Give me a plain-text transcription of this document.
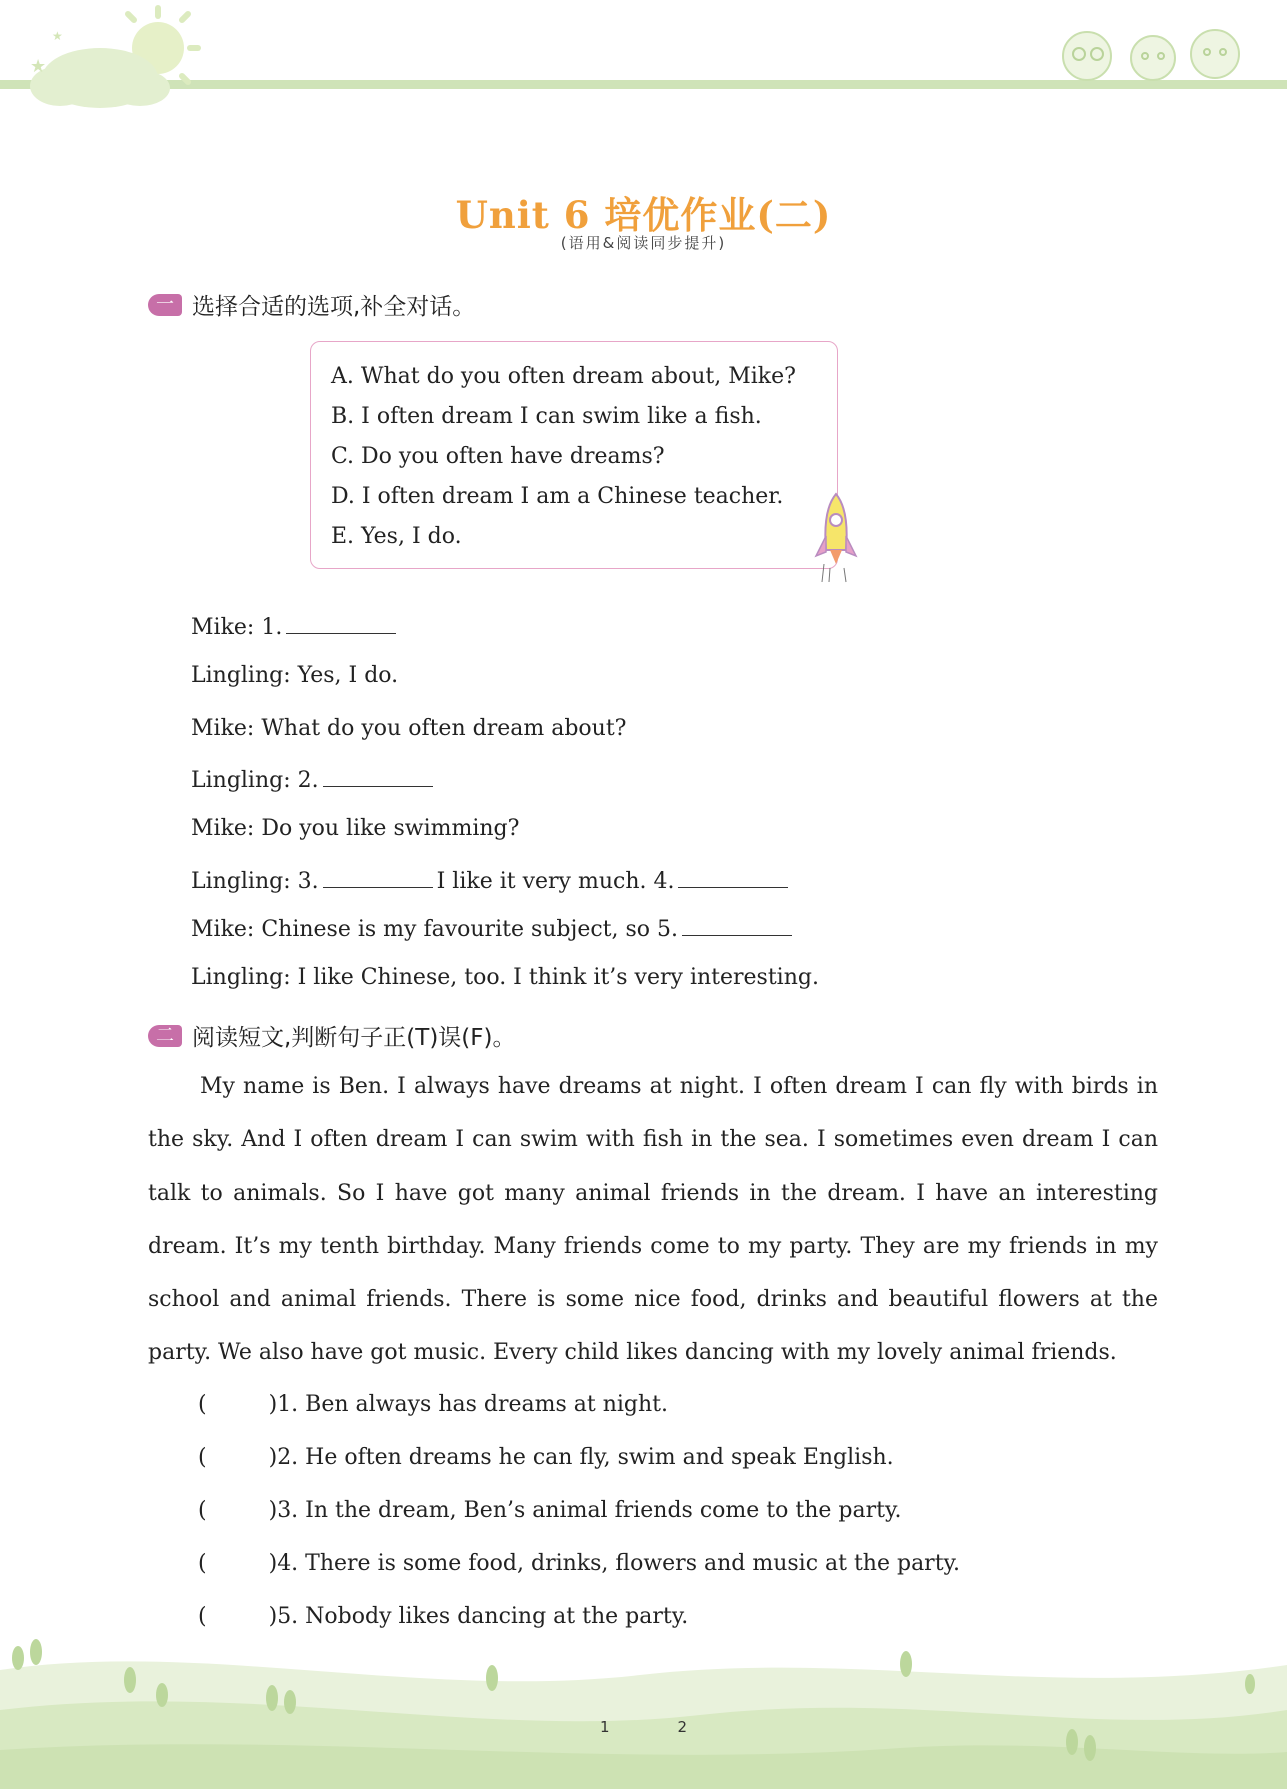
★
★
Unit 6 培优作业(二)
(语用&阅读同步提升)
一 选择合适的选项,补全对话。
A. What do you often dream about, Mike?
B. I often dream I can swim like a fish.
C. Do you often have dreams?
D. I often dream I am a Chinese teacher.
E. Yes, I do.
Mike: 1.
Lingling: Yes, I do.
Mike: What do you often dream about?
Lingling: 2.
Mike: Do you like swimming?
Lingling: 3.	I like it very much. 4.
Mike: Chinese is my favourite subject, so 5.
Lingling: I like Chinese, too. I think it’s very interesting.
二 阅读短文,判断句子正(T)误(F)。
My name is Ben. I always have dreams at night. I often dream I can fly with birds in the sky. And I often dream I can swim with fish in the sea. I sometimes even dream I can talk to animals. So I have got many animal friends in the dream. I have an interesting dream. It’s my tenth birthday. Many friends come to my party. They are my friends in my school and animal friends. There is some nice food, drinks and beautiful flowers at the party. We also have got music. Every child likes dancing with my lovely animal friends.
(	)1. Ben always has dreams at night.
(	)2. He often dreams he can fly, swim and speak English.
(	)3. In the dream, Ben’s animal friends come to the party.
(	)4. There is some food, drinks, flowers and music at the party.
(	)5. Nobody likes dancing at the party.
1	2
